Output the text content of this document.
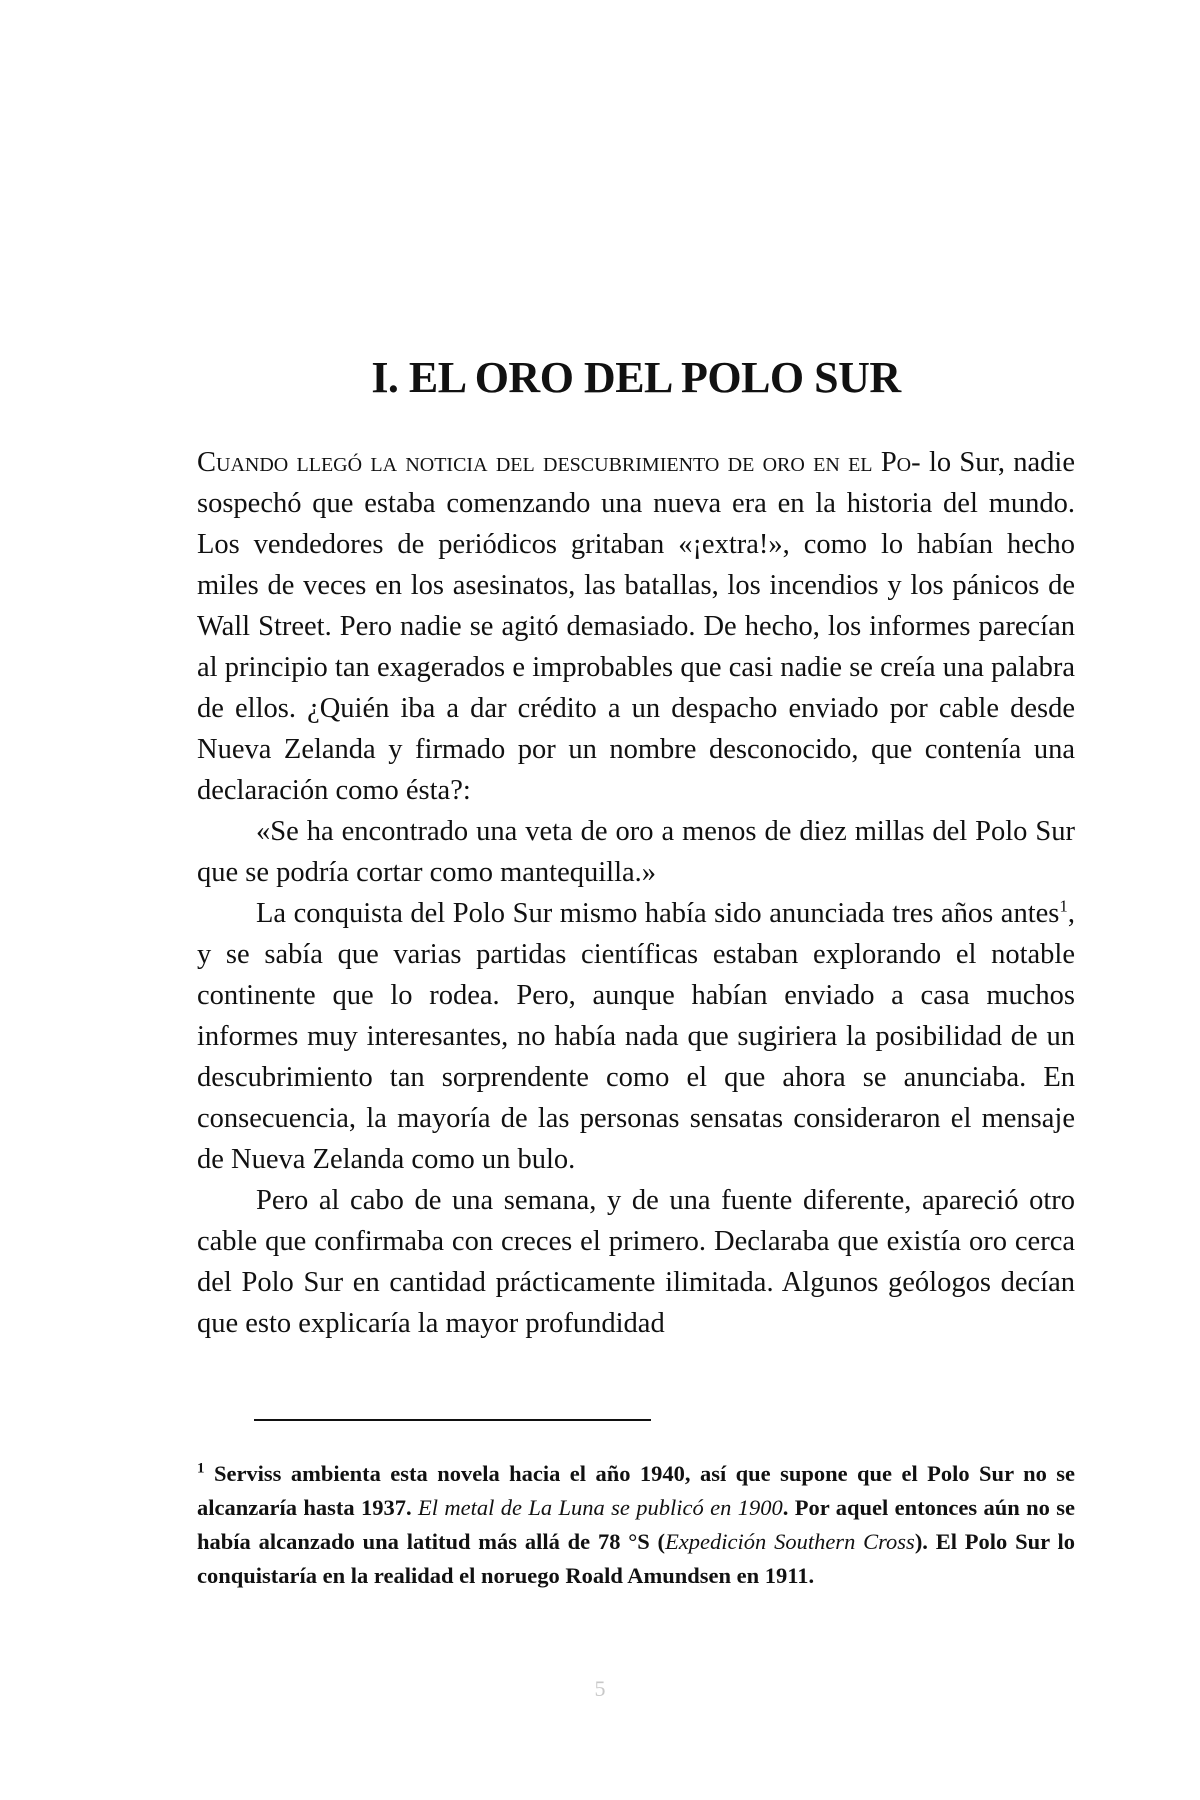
I. EL ORO DEL POLO SUR

Cuando llegó la noticia del descubrimiento de oro en el Po- lo Sur, nadie sospechó que estaba comenzando una nueva era en la historia del mundo. Los vendedores de periódicos gritaban «¡extra!», como lo habían hecho miles de veces en los asesinatos, las batallas, los incendios y los pánicos de Wall Street. Pero nadie se agitó demasiado. De hecho, los informes parecían al principio tan exagerados e improbables que casi nadie se creía una palabra de ellos. ¿Quién iba a dar crédito a un despacho enviado por cable desde Nueva Zelanda y firmado por un nombre desconocido, que contenía una declaración como ésta?:

«Se ha encontrado una veta de oro a menos de diez millas del Polo Sur que se podría cortar como mantequilla.»

La conquista del Polo Sur mismo había sido anunciada tres años antes$^1$, y se sabía que varias partidas científicas estaban explorando el notable continente que lo rodea. Pero, aunque habían enviado a casa muchos informes muy interesantes, no había nada que sugiriera la posibilidad de un descubrimiento tan sorprendente como el que ahora se anunciaba. En consecuencia, la mayoría de las personas sensatas consideraron el mensaje de Nueva Zelanda como un bulo.

Pero al cabo de una semana, y de una fuente diferente, apareció otro cable que confirmaba con creces el primero. Declaraba que existía oro cerca del Polo Sur en cantidad prácticamente ilimitada. Algunos geólogos decían que esto explicaría la mayor profundidad

$^1$ Serviss ambienta esta novela hacia el año 1940, así que supone que el Polo Sur no se alcanzaría hasta 1937. El metal de La Luna se publicó en 1900. Por aquel entonces aún no se había alcanzado una latitud más allá de 78 °S (Expedición Southern Cross). El Polo Sur lo conquistaría en la realidad el noruego Roald Amundsen en 1911.

5
